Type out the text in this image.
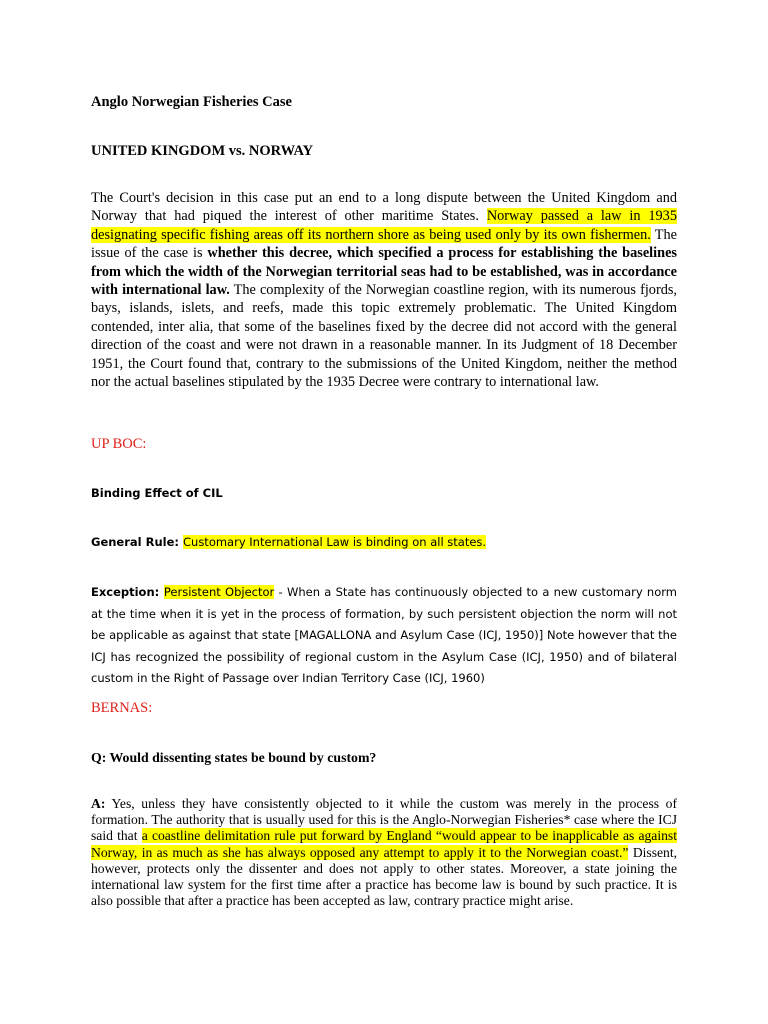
Anglo Norwegian Fisheries Case
UNITED KINGDOM vs. NORWAY
The Court's decision in this case put an end to a long dispute between the United Kingdom and Norway that had piqued the interest of other maritime States. Norway passed a law in 1935 designating specific fishing areas off its northern shore as being used only by its own fishermen. The issue of the case is whether this decree, which specified a process for establishing the baselines from which the width of the Norwegian territorial seas had to be established, was in accordance with international law. The complexity of the Norwegian coastline region, with its numerous fjords, bays, islands, islets, and reefs, made this topic extremely problematic. The United Kingdom contended, inter alia, that some of the baselines fixed by the decree did not accord with the general direction of the coast and were not drawn in a reasonable manner. In its Judgment of 18 December 1951, the Court found that, contrary to the submissions of the United Kingdom, neither the method nor the actual baselines stipulated by the 1935 Decree were contrary to international law.
UP BOC:
Binding Effect of CIL
General Rule: Customary International Law is binding on all states.
Exception: Persistent Objector - When a State has continuously objected to a new customary norm at the time when it is yet in the process of formation, by such persistent objection the norm will not be applicable as against that state [MAGALLONA and Asylum Case (ICJ, 1950)] Note however that the ICJ has recognized the possibility of regional custom in the Asylum Case (ICJ, 1950) and of bilateral custom in the Right of Passage over Indian Territory Case (ICJ, 1960)
BERNAS:
Q: Would dissenting states be bound by custom?
A: Yes, unless they have consistently objected to it while the custom was merely in the process of formation. The authority that is usually used for this is the Anglo-Norwegian Fisheries* case where the ICJ said that a coastline delimitation rule put forward by England “would appear to be inapplicable as against Norway, in as much as she has always opposed any attempt to apply it to the Norwegian coast.” Dissent, however, protects only the dissenter and does not apply to other states. Moreover, a state joining the international law system for the first time after a practice has become law is bound by such practice. It is also possible that after a practice has been accepted as law, contrary practice might arise.
